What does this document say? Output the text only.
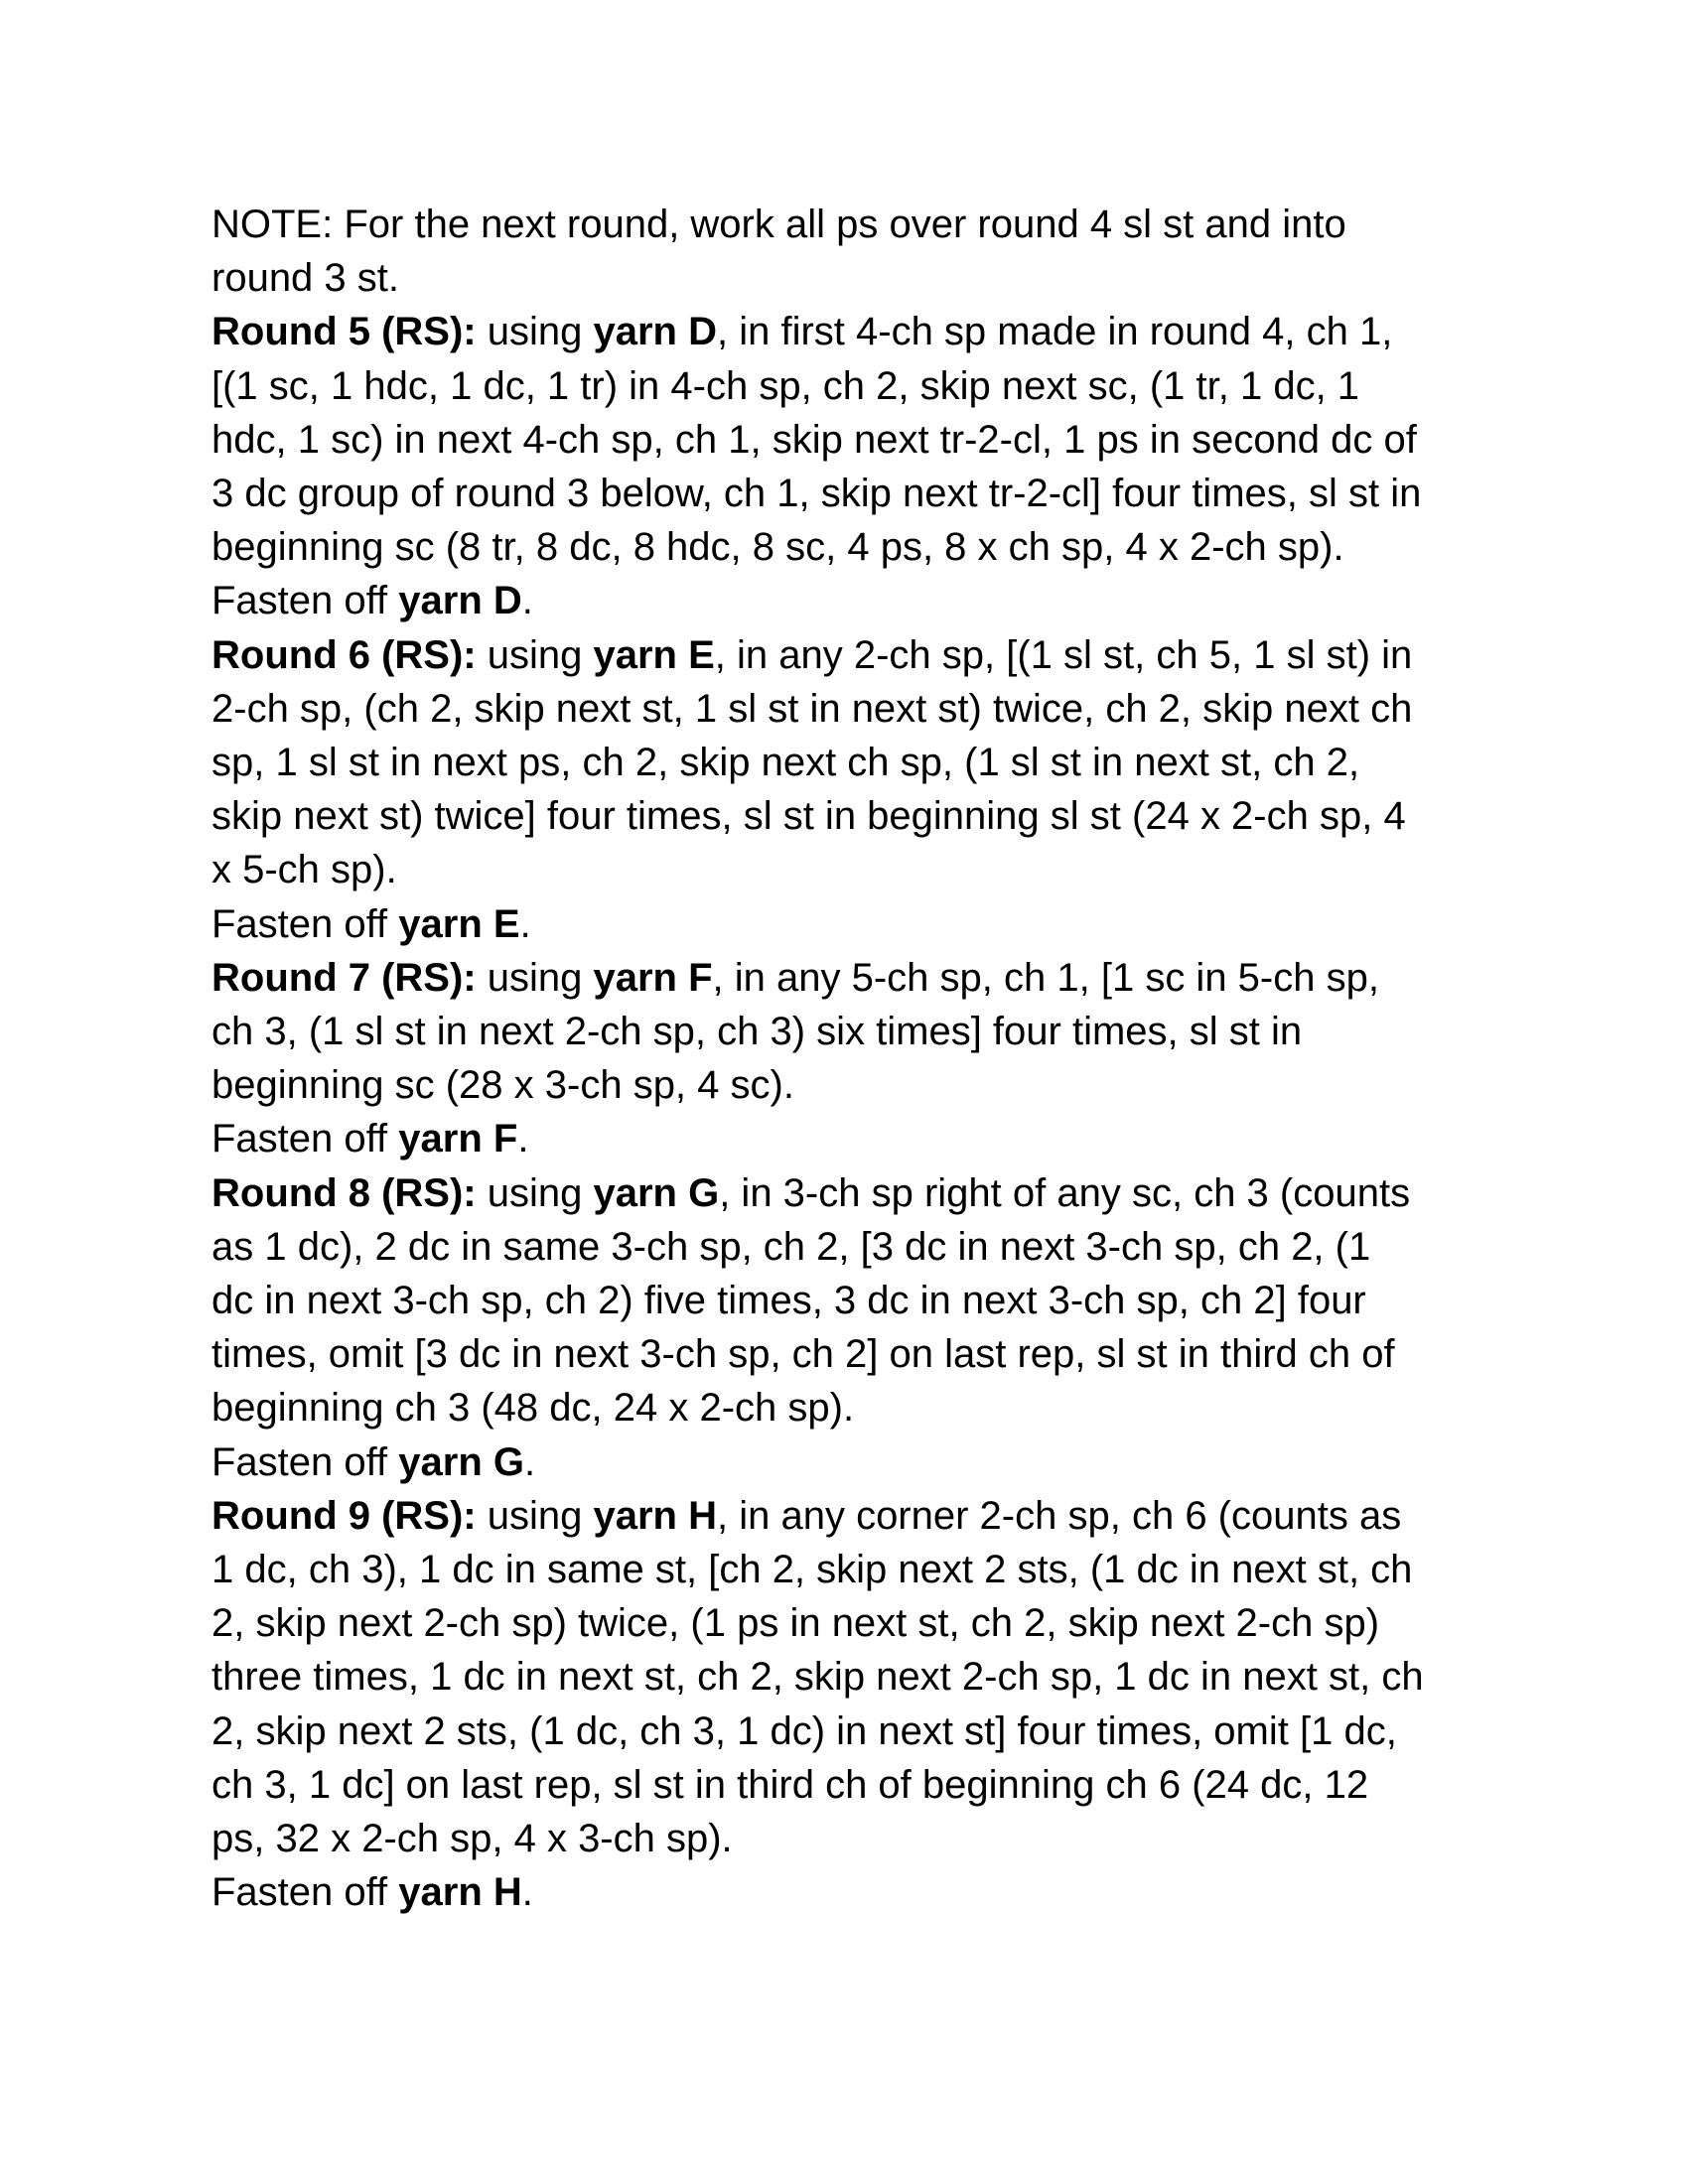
NOTE: For the next round, work all ps over round 4 sl st and into
round 3 st.
Round 5 (RS): using yarn D, in first 4-ch sp made in round 4, ch 1,
[(1 sc, 1 hdc, 1 dc, 1 tr) in 4-ch sp, ch 2, skip next sc, (1 tr, 1 dc, 1
hdc, 1 sc) in next 4-ch sp, ch 1, skip next tr-2-cl, 1 ps in second dc of
3 dc group of round 3 below, ch 1, skip next tr-2-cl] four times, sl st in
beginning sc (8 tr, 8 dc, 8 hdc, 8 sc, 4 ps, 8 x ch sp, 4 x 2-ch sp).
Fasten off yarn D.
Round 6 (RS): using yarn E, in any 2-ch sp, [(1 sl st, ch 5, 1 sl st) in
2-ch sp, (ch 2, skip next st, 1 sl st in next st) twice, ch 2, skip next ch
sp, 1 sl st in next ps, ch 2, skip next ch sp, (1 sl st in next st, ch 2,
skip next st) twice] four times, sl st in beginning sl st (24 x 2-ch sp, 4
x 5-ch sp).
Fasten off yarn E.
Round 7 (RS): using yarn F, in any 5-ch sp, ch 1, [1 sc in 5-ch sp,
ch 3, (1 sl st in next 2-ch sp, ch 3) six times] four times, sl st in
beginning sc (28 x 3-ch sp, 4 sc).
Fasten off yarn F.
Round 8 (RS): using yarn G, in 3-ch sp right of any sc, ch 3 (counts
as 1 dc), 2 dc in same 3-ch sp, ch 2, [3 dc in next 3-ch sp, ch 2, (1
dc in next 3-ch sp, ch 2) five times, 3 dc in next 3-ch sp, ch 2] four
times, omit [3 dc in next 3-ch sp, ch 2] on last rep, sl st in third ch of
beginning ch 3 (48 dc, 24 x 2-ch sp).
Fasten off yarn G.
Round 9 (RS): using yarn H, in any corner 2-ch sp, ch 6 (counts as
1 dc, ch 3), 1 dc in same st, [ch 2, skip next 2 sts, (1 dc in next st, ch
2, skip next 2-ch sp) twice, (1 ps in next st, ch 2, skip next 2-ch sp)
three times, 1 dc in next st, ch 2, skip next 2-ch sp, 1 dc in next st, ch
2, skip next 2 sts, (1 dc, ch 3, 1 dc) in next st] four times, omit [1 dc,
ch 3, 1 dc] on last rep, sl st in third ch of beginning ch 6 (24 dc, 12
ps, 32 x 2-ch sp, 4 x 3-ch sp).
Fasten off yarn H.
